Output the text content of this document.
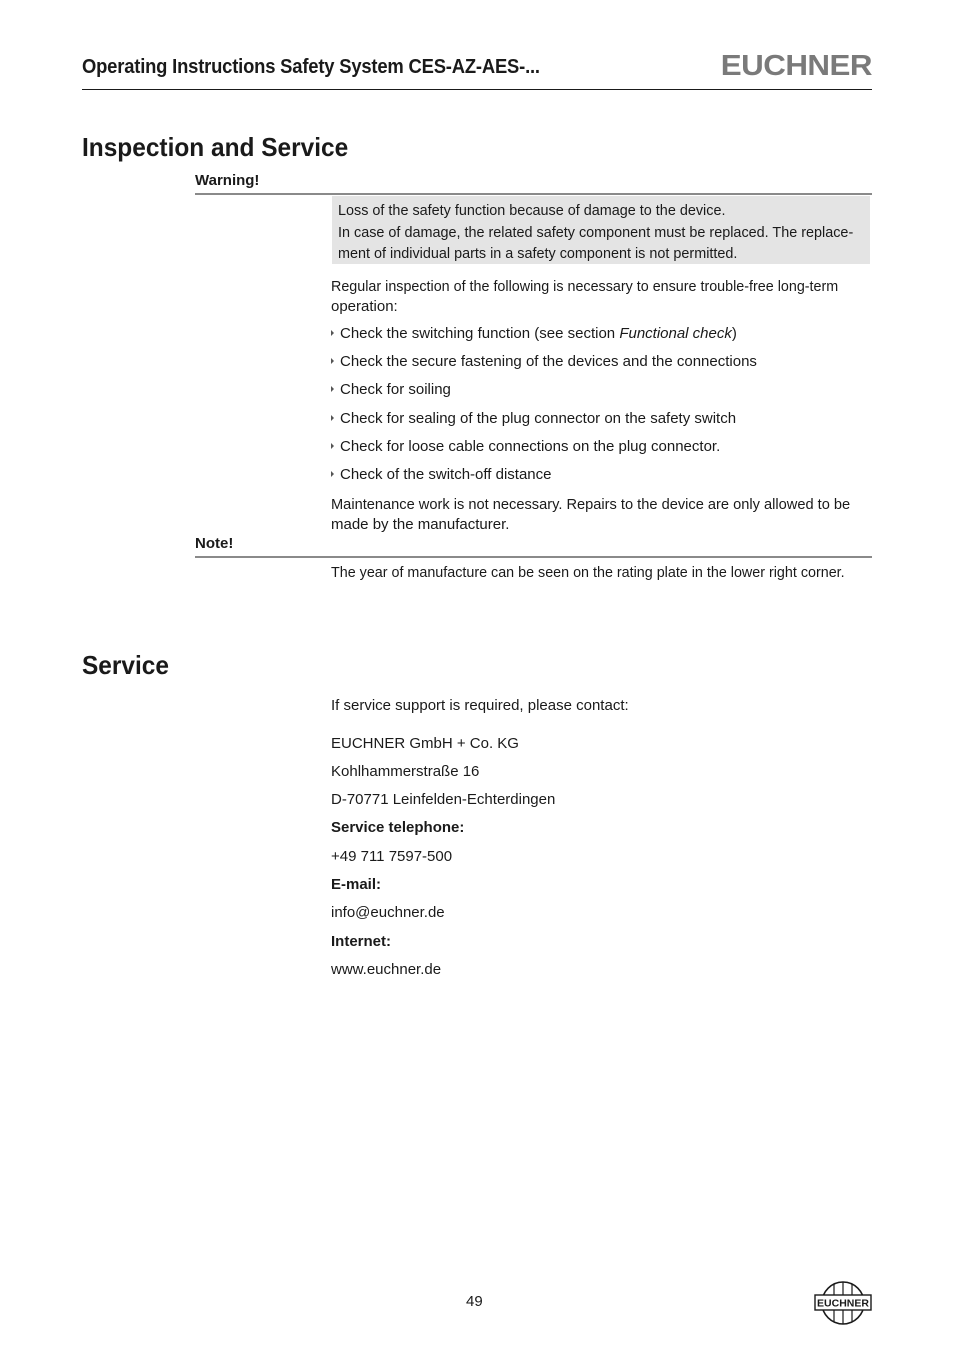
Operating Instructions Safety System CES-AZ-AES-...	EUCHNER
Inspection and Service
Warning!
Loss of the safety function because of damage to the device.
In case of damage, the related safety component must be replaced. The replace-
ment of individual parts in a safety component is not permitted.
Regular inspection of the following is necessary to ensure trouble-free long-term
operation:
Check the switching function (see section Functional check)
Check the secure fastening of the devices and the connections
Check for soiling
Check for sealing of the plug connector on the safety switch
Check for loose cable connections on the plug connector.
Check of the switch-off distance
Maintenance work is not necessary. Repairs to the device are only allowed to be
made by the manufacturer.
Note!
The year of manufacture can be seen on the rating plate in the lower right corner.
Service
If service support is required, please contact:
EUCHNER GmbH + Co. KG
Kohlhammerstraße 16
D-70771 Leinfelden-Echterdingen
Service telephone:
+49 711 7597-500
E-mail:
info@euchner.de
Internet:
www.euchner.de
49	EUCHNER
